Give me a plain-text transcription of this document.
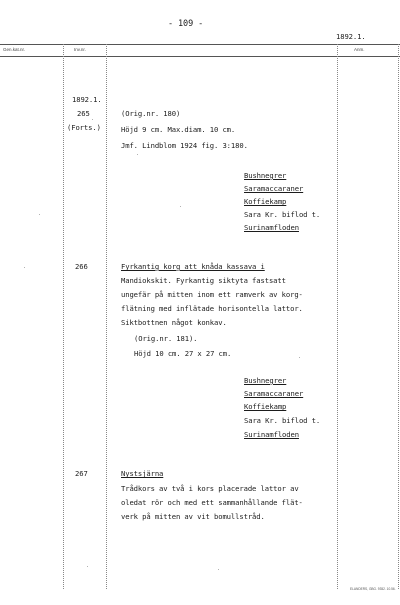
- 109 -
1892.1.
Gen.kat.nr.	Inv.nr.	Anm.
1892.1.
265
(Forts.)
(Orig.nr. 180)
Höjd 9 cm. Max.diam. 10 cm.
Jmf. Lindblom 1924 fig. 3:180.
Bushnegrer
Saramaccaraner
Koffiekamp
Sara Kr. biflod t.
Surinamfloden
266	Fyrkantig korg att knåda kassava i
Mandiokskit. Fyrkantig siktyta fastsatt
ungefär på mitten inom ett ramverk av korg-
flätning med inflätade horisontella lattor.
Siktbottnen något konkav.
(Orig.nr. 181).
Höjd 10 cm. 27 x 27 cm.
Bushnegrer
Saramaccaraner
Koffiekamp
Sara Kr. biflod t.
Surinamfloden
267	Nystsjärna
Trådkors av två i kors placerade lattor av
oledat rör och med ett sammanhållande flät-
verk på mitten av vit bomullstråd.
ELANDERS, GBG. 9352. 10.56.
